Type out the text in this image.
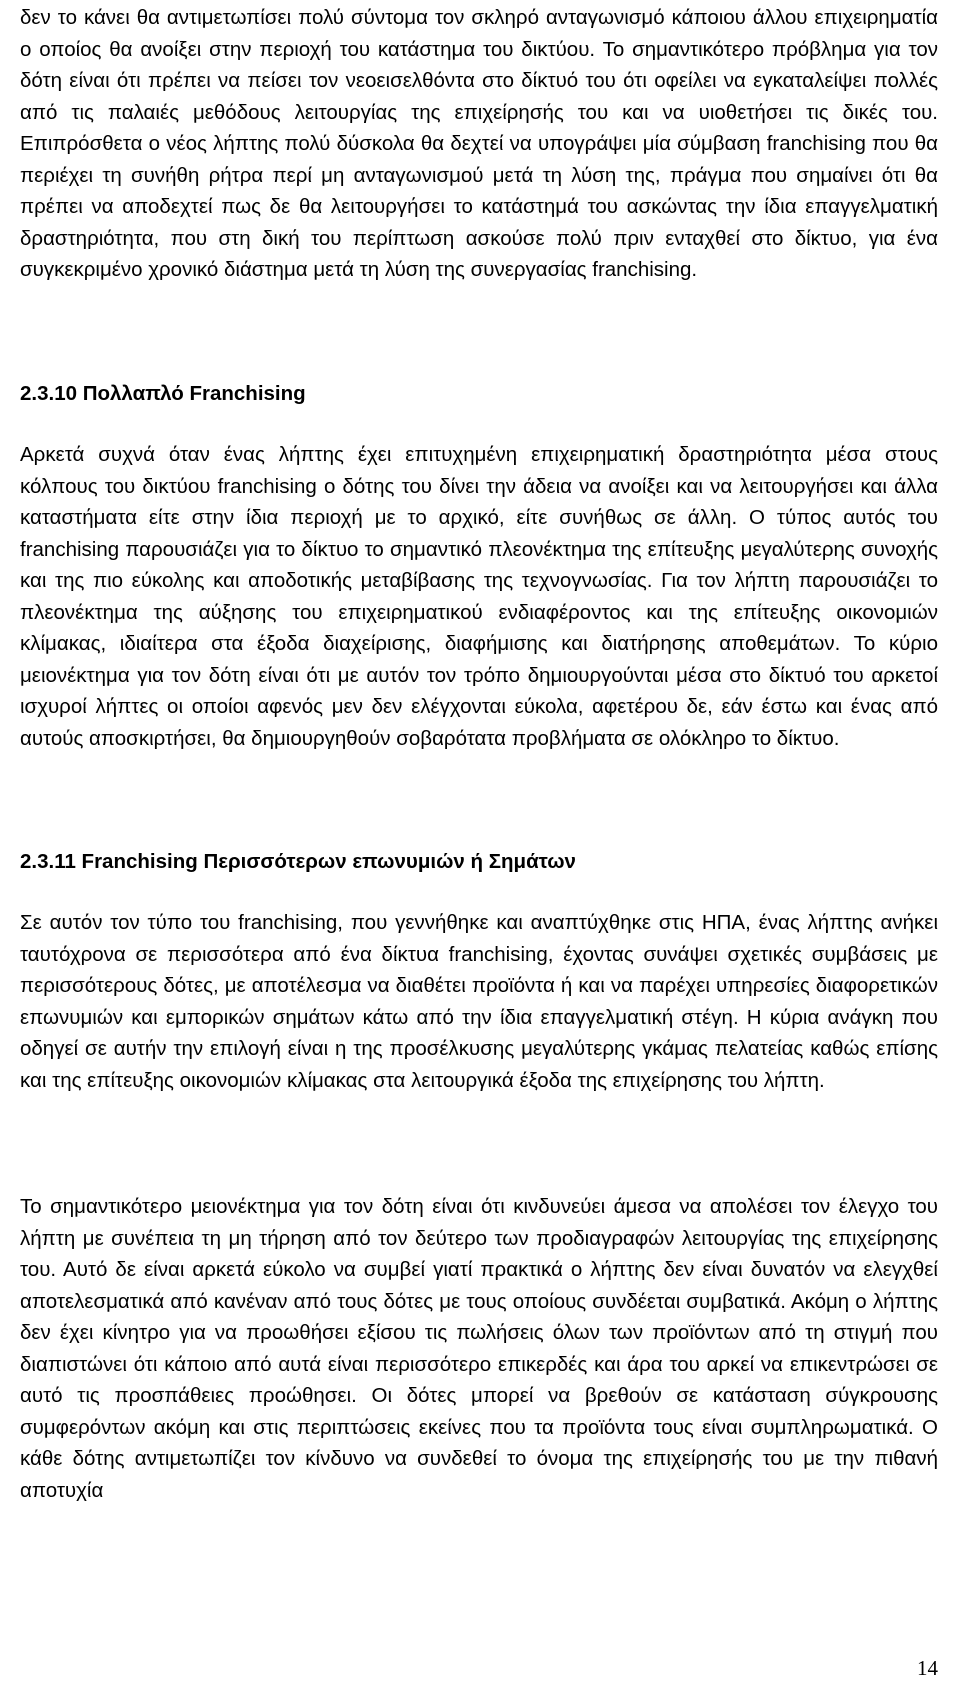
δεν το κάνει θα αντιμετωπίσει πολύ σύντομα τον σκληρό ανταγωνισμό κάποιου άλλου επιχειρηματία ο οποίος θα ανοίξει στην περιοχή του κατάστημα του δικτύου. Το σημαντικότερο πρόβλημα για τον δότη είναι ότι πρέπει να πείσει τον νεοεισελθόντα στο δίκτυό του ότι οφείλει να εγκαταλείψει πολλές από τις παλαιές μεθόδους λειτουργίας της επιχείρησής του και να υιοθετήσει τις δικές του. Επιπρόσθετα ο νέος λήπτης πολύ δύσκολα θα δεχτεί να υπογράψει μία σύμβαση franchising που θα περιέχει τη συνήθη ρήτρα περί μη ανταγωνισμού μετά τη λύση της, πράγμα που σημαίνει ότι θα πρέπει να αποδεχτεί πως δε θα λειτουργήσει το κατάστημά του ασκώντας την ίδια επαγγελματική δραστηριότητα, που στη δική του περίπτωση ασκούσε πολύ πριν ενταχθεί στο δίκτυο, για ένα συγκεκριμένο χρονικό διάστημα μετά τη λύση της συνεργασίας franchising.

2.3.10 Πολλαπλό Franchising

Αρκετά συχνά όταν ένας λήπτης έχει επιτυχημένη επιχειρηματική δραστηριότητα μέσα στους κόλπους του δικτύου franchising ο δότης του δίνει την άδεια να ανοίξει και να λειτουργήσει και άλλα καταστήματα είτε στην ίδια περιοχή με το αρχικό, είτε συνήθως σε άλλη. Ο τύπος αυτός του franchising παρουσιάζει για το δίκτυο το σημαντικό πλεονέκτημα της επίτευξης μεγαλύτερης συνοχής και της πιο εύκολης και αποδοτικής μεταβίβασης της τεχνογνωσίας. Για τον λήπτη παρουσιάζει το πλεονέκτημα της αύξησης του επιχειρηματικού ενδιαφέροντος και της επίτευξης οικονομιών κλίμακας, ιδιαίτερα στα έξοδα διαχείρισης, διαφήμισης και διατήρησης αποθεμάτων. Το κύριο μειονέκτημα για τον δότη είναι ότι με αυτόν τον τρόπο δημιουργούνται μέσα στο δίκτυό του αρκετοί ισχυροί λήπτες οι οποίοι αφενός μεν δεν ελέγχονται εύκολα, αφετέρου δε, εάν έστω και ένας από αυτούς αποσκιρτήσει, θα δημιουργηθούν σοβαρότατα προβλήματα σε ολόκληρο το δίκτυο.

2.3.11 Franchising Περισσότερων επωνυμιών ή Σημάτων

Σε αυτόν τον τύπο του franchising, που γεννήθηκε και αναπτύχθηκε στις ΗΠΑ, ένας λήπτης ανήκει ταυτόχρονα σε περισσότερα από ένα δίκτυα franchising, έχοντας συνάψει σχετικές συμβάσεις με περισσότερους δότες, με αποτέλεσμα να διαθέτει προϊόντα ή και να παρέχει υπηρεσίες διαφορετικών επωνυμιών και εμπορικών σημάτων κάτω από την ίδια επαγγελματική στέγη. Η κύρια ανάγκη που οδηγεί σε αυτήν την επιλογή είναι η της προσέλκυσης μεγαλύτερης γκάμας πελατείας καθώς επίσης και της επίτευξης οικονομιών κλίμακας στα λειτουργικά έξοδα της επιχείρησης του λήπτη.

Το σημαντικότερο μειονέκτημα για τον δότη είναι ότι κινδυνεύει άμεσα να απολέσει τον έλεγχο του λήπτη με συνέπεια τη μη τήρηση από τον δεύτερο των προδιαγραφών λειτουργίας της επιχείρησης του. Αυτό δε είναι αρκετά εύκολο να συμβεί γιατί πρακτικά ο λήπτης δεν είναι δυνατόν να ελεγχθεί αποτελεσματικά από κανέναν από τους δότες με τους οποίους συνδέεται συμβατικά. Ακόμη ο λήπτης δεν έχει κίνητρο για να προωθήσει εξίσου τις πωλήσεις όλων των προϊόντων από τη στιγμή που διαπιστώνει ότι κάποιο από αυτά είναι περισσότερο επικερδές και άρα του αρκεί να επικεντρώσει σε αυτό τις προσπάθειες προώθησει. Οι δότες μπορεί να βρεθούν σε κατάσταση σύγκρουσης συμφερόντων ακόμη και στις περιπτώσεις εκείνες που τα προϊόντα τους είναι συμπληρωματικά. Ο κάθε δότης αντιμετωπίζει τον κίνδυνο να συνδεθεί το όνομα της επιχείρησής του με την πιθανή αποτυχία

14
